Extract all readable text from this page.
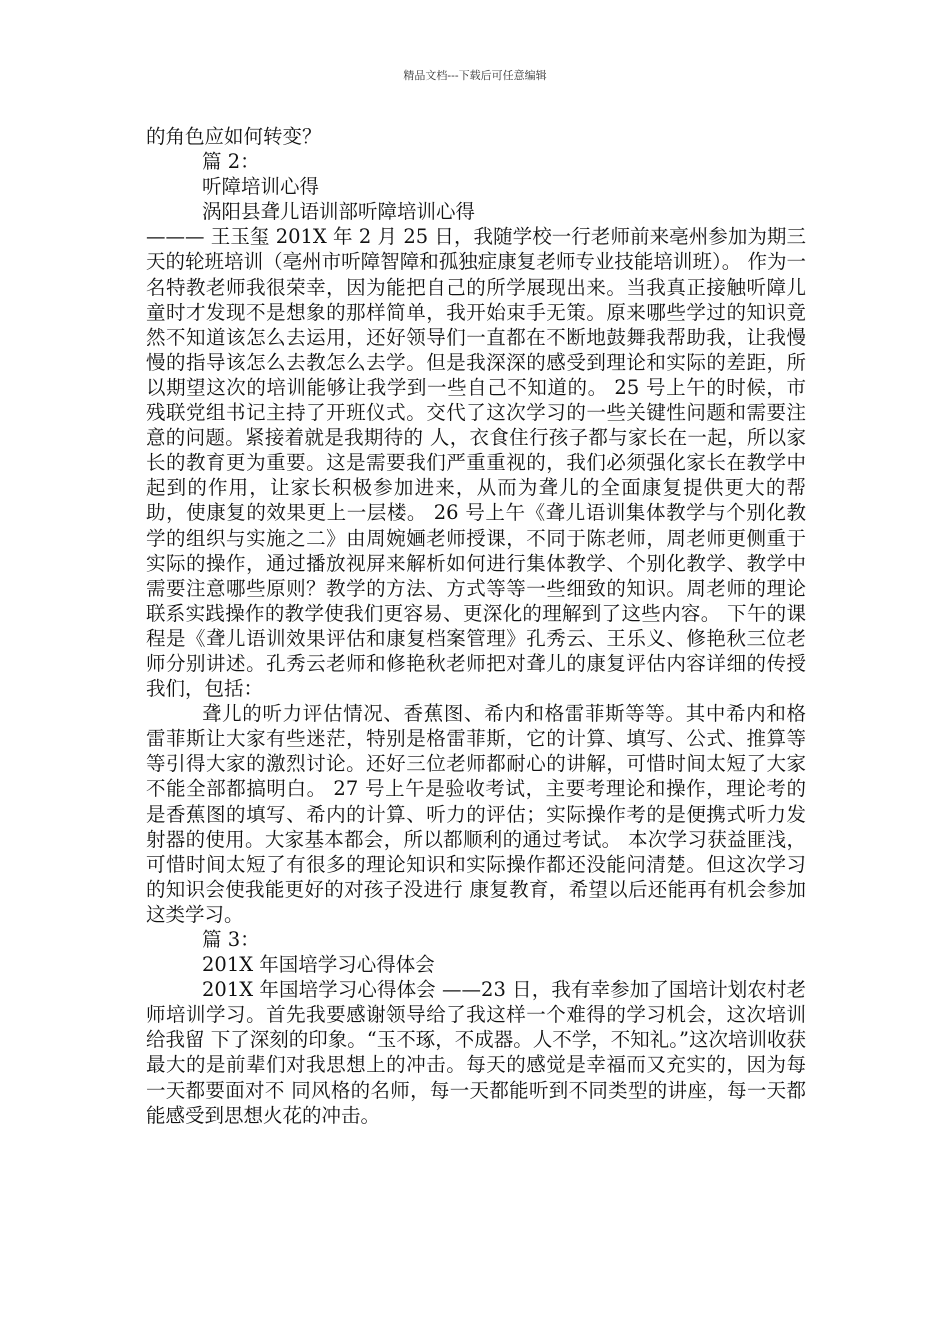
精品文档---下载后可任意编辑

的角色应如何转变？

篇 2：

听障培训心得

涡阳县聋儿语训部听障培训心得

——— 王玉玺 201X 年 2 月 25 日，我随学校一行老师前来亳州参加为期三天的轮班培训（亳州市听障智障和孤独症康复老师专业技能培训班）。 作为一名特教老师我很荣幸，因为能把自己的所学展现出来。当我真正接触听障儿童时才发现不是想象的那样简单，我开始束手无策。原来哪些学过的知识竟然不知道该怎么去运用，还好领导们一直都在不断地鼓舞我帮助我，让我慢慢的指导该怎么去教怎么去学。但是我深深的感受到理论和实际的差距，所以期望这次的培训能够让我学到一些自己不知道的。 25 号上午的时候，市残联党组书记主持了开班仪式。交代了这次学习的一些关键性问题和需要注意的问题。紧接着就是我期待的 人，衣食住行孩子都与家长在一起，所以家长的教育更为重要。这是需要我们严重重视的，我们必须强化家长在教学中起到的作用，让家长积极参加进来，从而为聋儿的全面康复提供更大的帮助，使康复的效果更上一层楼。 26 号上午《聋儿语训集体教学与个别化教学的组织与实施之二》由周婉婳老师授课，不同于陈老师，周老师更侧重于实际的操作，通过播放视屏来解析如何进行集体教学、个别化教学、教学中需要注意哪些原则？教学的方法、方式等等一些细致的知识。周老师的理论联系实践操作的教学使我们更容易、更深化的理解到了这些内容。 下午的课程是《聋儿语训效果评估和康复档案管理》孔秀云、王乐义、修艳秋三位老师分别讲述。孔秀云老师和修艳秋老师把对聋儿的康复评估内容详细的传授我们，包括：

聋儿的听力评估情况、香蕉图、希内和格雷菲斯等等。其中希内和格雷菲斯让大家有些迷茫，特别是格雷菲斯，它的计算、填写、公式、推算等等引得大家的激烈讨论。还好三位老师都耐心的讲解，可惜时间太短了大家不能全部都搞明白。 27 号上午是验收考试，主要考理论和操作，理论考的是香蕉图的填写、希内的计算、听力的评估；实际操作考的是便携式听力发射器的使用。大家基本都会，所以都顺利的通过考试。 本次学习获益匪浅，可惜时间太短了有很多的理论知识和实际操作都还没能问清楚。但这次学习的知识会使我能更好的对孩子没进行 康复教育，希望以后还能再有机会参加这类学习。

篇 3：

201X 年国培学习心得体会

201X 年国培学习心得体会 ——23 日，我有幸参加了国培计划农村老师培训学习。首先我要感谢领导给了我这样一个难得的学习机会，这次培训给我留 下了深刻的印象。“玉不琢，不成器。人不学，不知礼。”这次培训收获最大的是前辈们对我思想上的冲击。每天的感觉是幸福而又充实的，因为每一天都要面对不 同风格的名师，每一天都能听到不同类型的讲座，每一天都能感受到思想火花的冲击。
